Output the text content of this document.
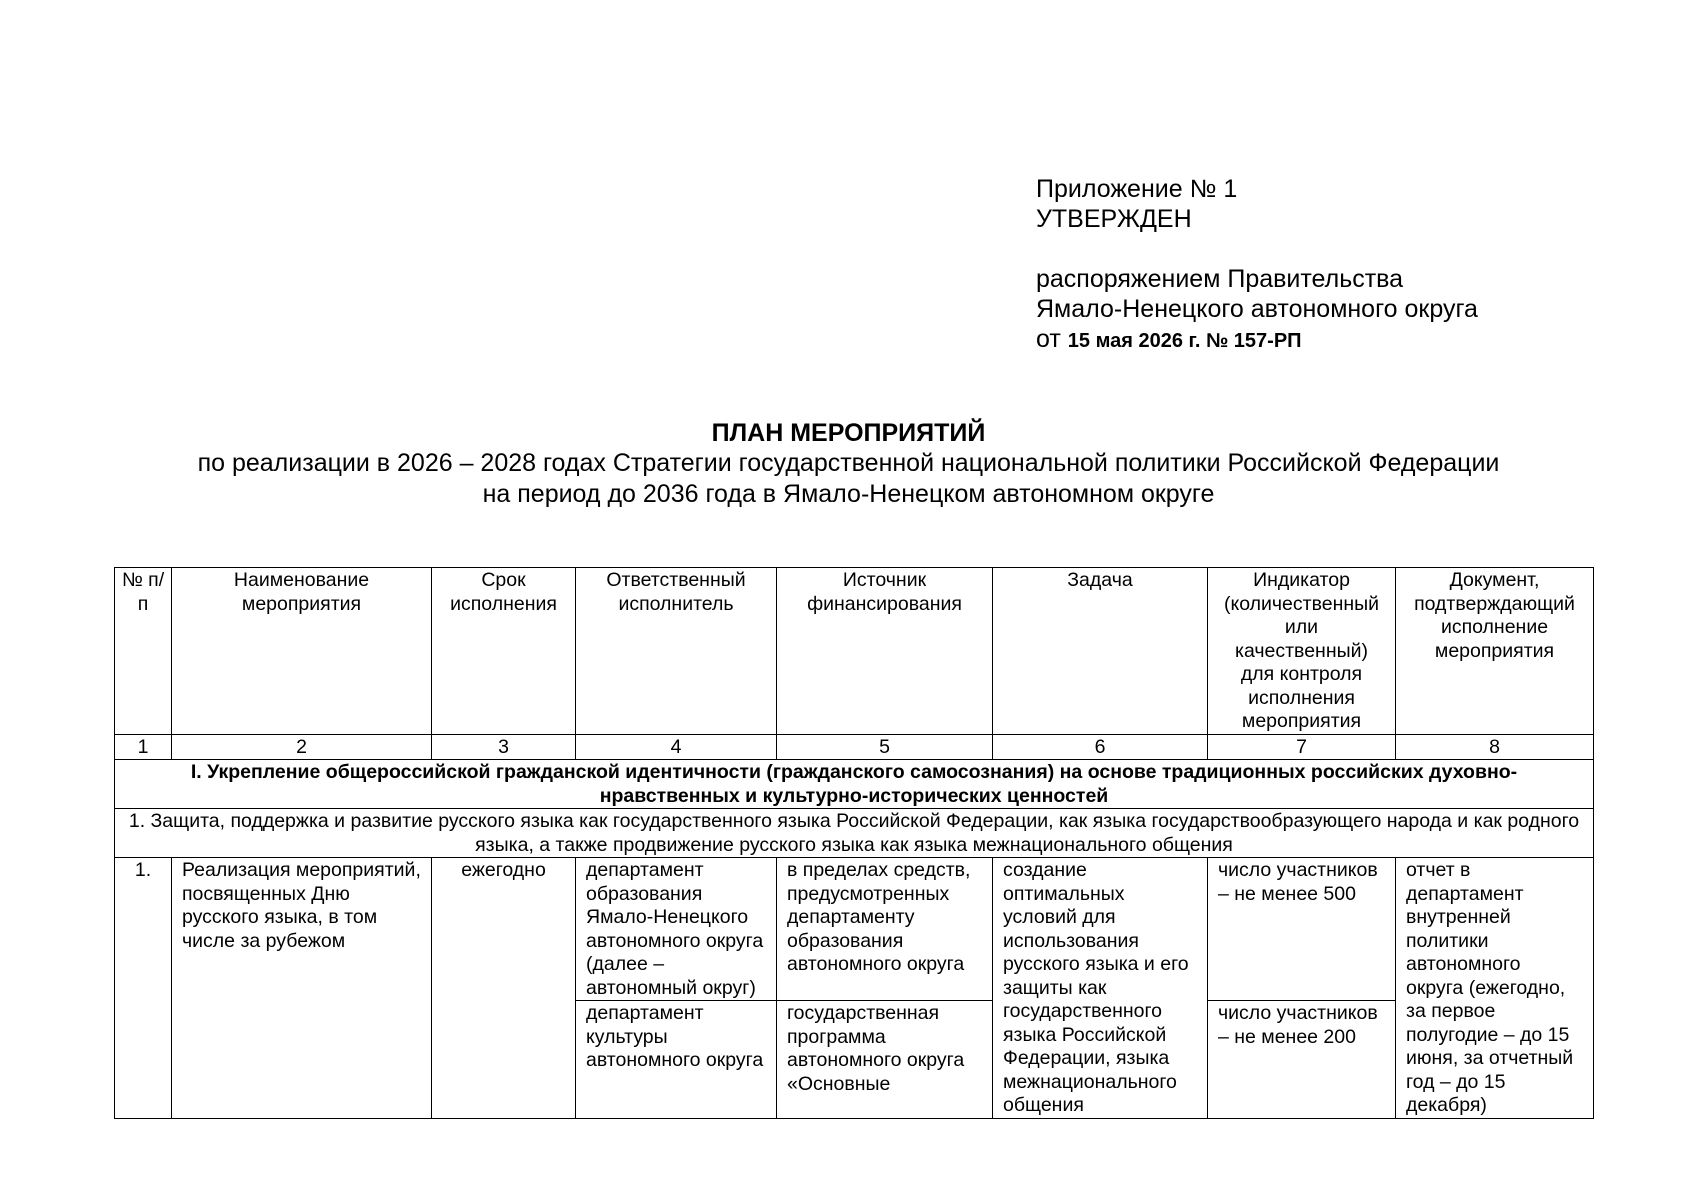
Приложение № 1
УТВЕРЖДЕН
распоряжением Правительства
Ямало-Ненецкого автономного округа
от 15 мая 2026 г. № 157-РП
ПЛАН МЕРОПРИЯТИЙ
по реализации в 2026 – 2028 годах Стратегии государственной национальной политики Российской Федерации
на период до 2036 года в Ямало-Ненецком автономном округе
№ п/п	Наименование мероприятия	Срок исполнения	Ответственный исполнитель	Источник финансирования	Задача	Индикатор (количественный или качественный) для контроля исполнения мероприятия	Документ, подтверждающий исполнение мероприятия
1	2	3	4	5	6	7	8
I. Укрепление общероссийской гражданской идентичности (гражданского самосознания) на основе традиционных российских духовно-нравственных и культурно-исторических ценностей							
1. Защита, поддержка и развитие русского языка как государственного языка Российской Федерации, как языка государствообразующего народа и как родного языка, а также продвижение русского языка как языка межнационального общения							
1.	Реализация мероприятий, посвященных Дню русского языка, в том числе за рубежом	ежегодно	департамент образования Ямало-Ненецкого автономного округа (далее – автономный округ)	в пределах средств, предусмотренных департаменту образования автономного округа	создание оптимальных условий для использования русского языка и его защиты как государственного языка Российской Федерации, языка межнационального общения	число участников – не менее 500	отчет в департамент внутренней политики автономного округа (ежегодно, за первое полугодие – до 15 июня, за отчетный год – до 15 декабря)
			департамент культуры автономного округа	государственная программа автономного округа «Основные		число участников – не менее 200	
